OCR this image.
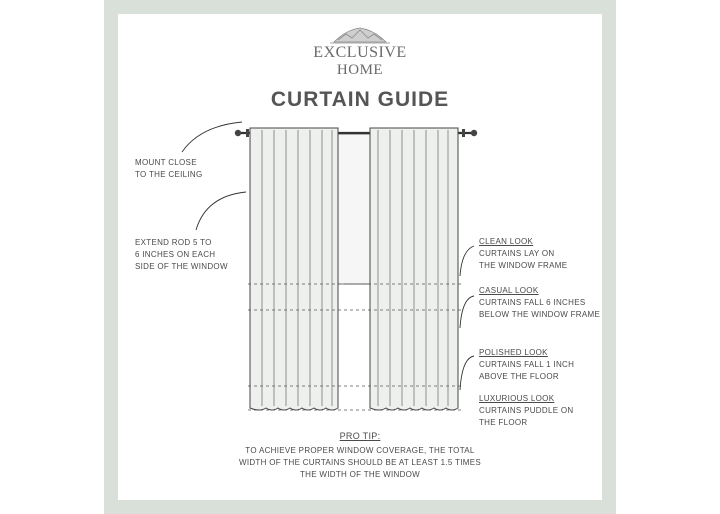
EXCLUSIVE
HOME
CURTAIN GUIDE
MOUNT CLOSE
TO THE CEILING
EXTEND ROD 5 TO
6 INCHES ON EACH
SIDE OF THE WINDOW
CLEAN LOOK
CURTAINS LAY ON
THE WINDOW FRAME
CASUAL LOOK
CURTAINS FALL 6 INCHES
BELOW THE WINDOW FRAME
POLISHED LOOK
CURTAINS FALL 1 INCH
ABOVE THE FLOOR
LUXURIOUS LOOK
CURTAINS PUDDLE ON
THE FLOOR
PRO TIP:
TO ACHIEVE PROPER WINDOW COVERAGE, THE TOTAL
WIDTH OF THE CURTAINS SHOULD BE AT LEAST 1.5 TIMES
THE WIDTH OF THE WINDOW
